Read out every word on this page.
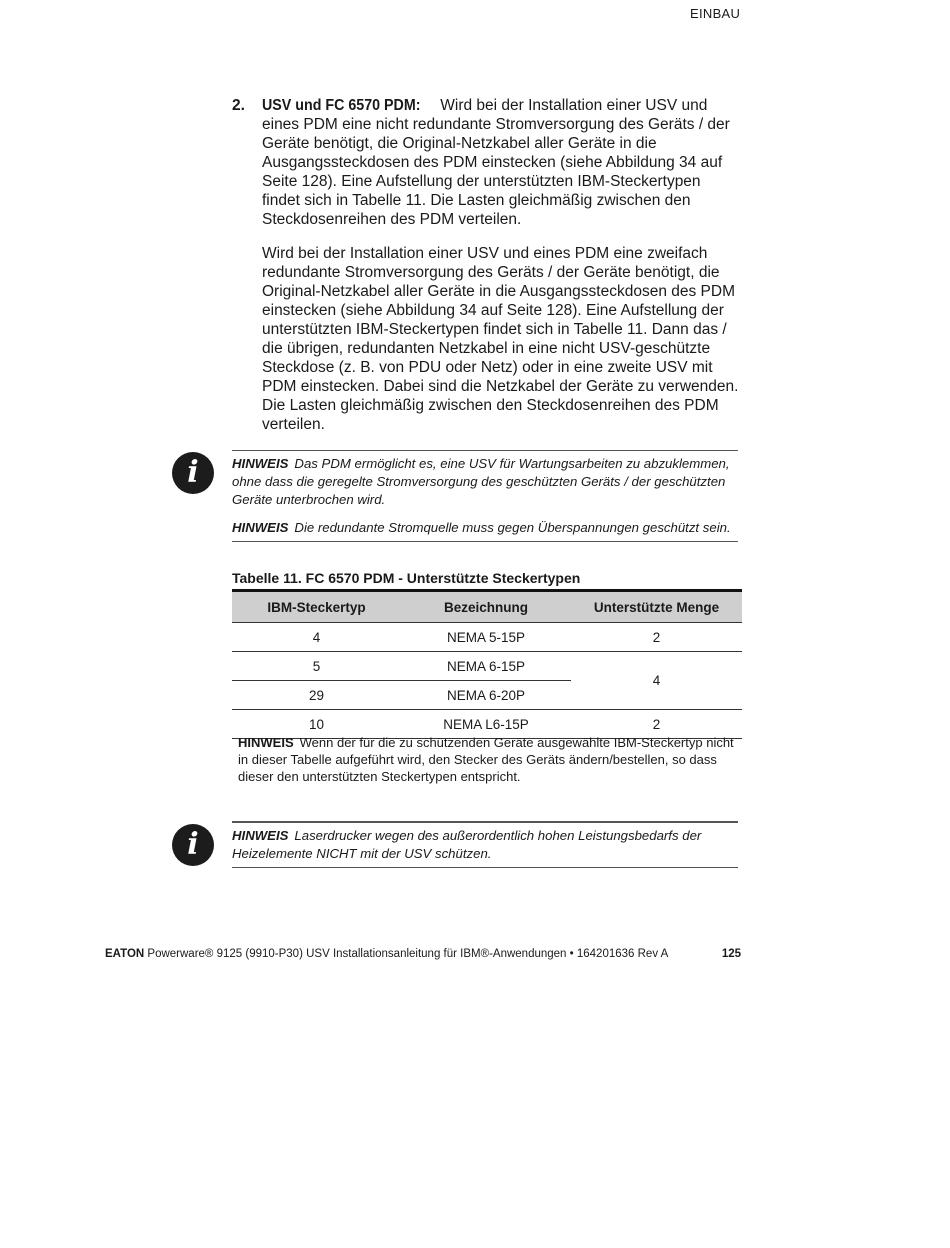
EINBAU
2. USV und FC 6570 PDM: Wird bei der Installation einer USV und eines PDM eine nicht redundante Stromversorgung des Geräts / der Geräte benötigt, die Original-Netzkabel aller Geräte in die Ausgangssteckdosen des PDM einstecken (siehe Abbildung 34 auf Seite 128). Eine Aufstellung der unterstützten IBM-Steckertypen findet sich in Tabelle 11. Die Lasten gleichmäßig zwischen den Steckdosenreihen des PDM verteilen.

Wird bei der Installation einer USV und eines PDM eine zweifach redundante Stromversorgung des Geräts / der Geräte benötigt, die Original-Netzkabel aller Geräte in die Ausgangssteckdosen des PDM einstecken (siehe Abbildung 34 auf Seite 128). Eine Aufstellung der unterstützten IBM-Steckertypen findet sich in Tabelle 11. Dann das / die übrigen, redundanten Netzkabel in eine nicht USV-geschützte Steckdose (z. B. von PDU oder Netz) oder in eine zweite USV mit PDM einstecken. Dabei sind die Netzkabel der Geräte zu verwenden. Die Lasten gleichmäßig zwischen den Steckdosenreihen des PDM verteilen.

i	HINWEIS Das PDM ermöglicht es, eine USV für Wartungsarbeiten zu abzuklemmen, ohne dass die geregelte Stromversorgung des geschützten Geräts / der geschützten Geräte unterbrochen wird.

HINWEIS Die redundante Stromquelle muss gegen Überspannungen geschützt sein.

Tabelle 11. FC 6570 PDM - Unterstützte Steckertypen
IBM-Steckertyp	Bezeichnung	Unterstützte Menge
4	NEMA 5-15P	2
5	NEMA 6-15P	4
29	NEMA 6-20P	
10	NEMA L6-15P	2
HINWEIS Wenn der für die zu schützenden Geräte ausgewählte IBM-Steckertyp nicht in dieser Tabelle aufgeführt wird, den Stecker des Geräts ändern/bestellen, so dass dieser den unterstützten Steckertypen entspricht.
i	HINWEIS Laserdrucker wegen des außerordentlich hohen Leistungsbedarfs der Heizelemente NICHT mit der USV schützen.

EATON Powerware® 9125 (9910-P30) USV Installationsanleitung für IBM®-Anwendungen • 164201636 Rev A	125
